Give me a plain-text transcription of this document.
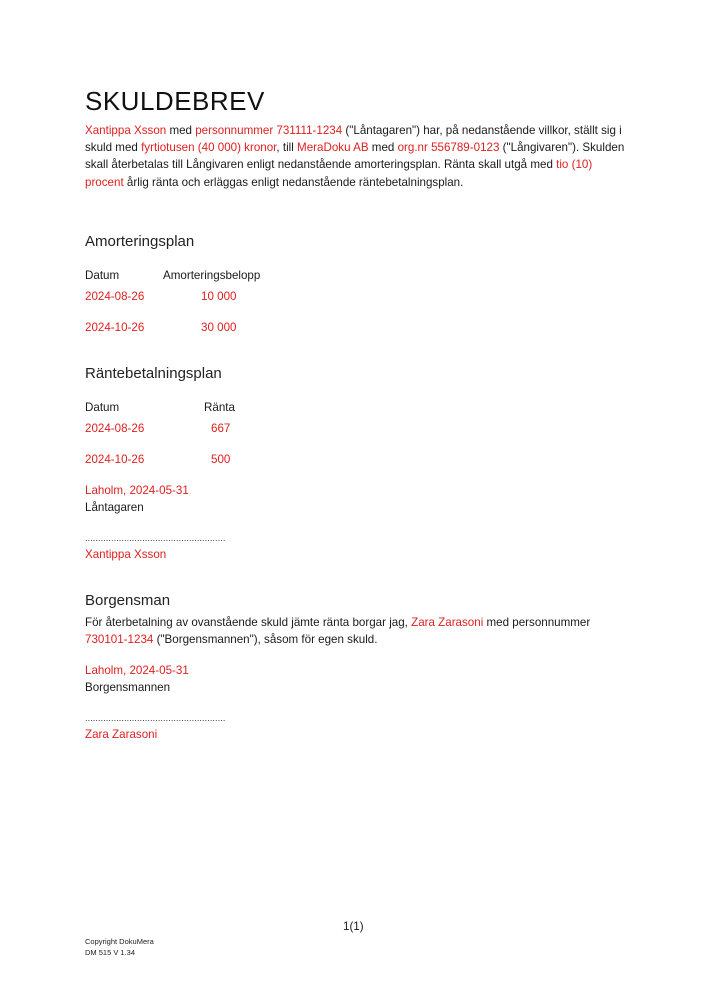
SKULDEBREV
Xantippa Xsson med personnummer 731111-1234 ("Låntagaren") har, på nedanstående villkor, ställt sig i skuld med fyrtiotusen (40 000) kronor, till MeraDoku AB med org.nr 556789-0123 ("Långivaren"). Skulden skall återbetalas till Långivaren enligt nedanstående amorteringsplan. Ränta skall utgå med tio (10) procent årlig ränta och erläggas enligt nedanstående räntebetalningsplan.
Amorteringsplan
Datum	Amorteringsbelopp
2024-08-26	10 000
2024-10-26	30 000
Räntebetalningsplan
Datum	Ränta
2024-08-26	667
2024-10-26	500
Laholm, 2024-05-31
Låntagaren
......................................................
Xantippa Xsson
Borgensman
För återbetalning av ovanstående skuld jämte ränta borgar jag, Zara Zarasoni med personnummer 730101-1234 ("Borgensmannen"), såsom för egen skuld.
Laholm, 2024-05-31
Borgensmannen
......................................................
Zara Zarasoni
1(1)
Copyright DokuMera
DM 515 V 1.34
